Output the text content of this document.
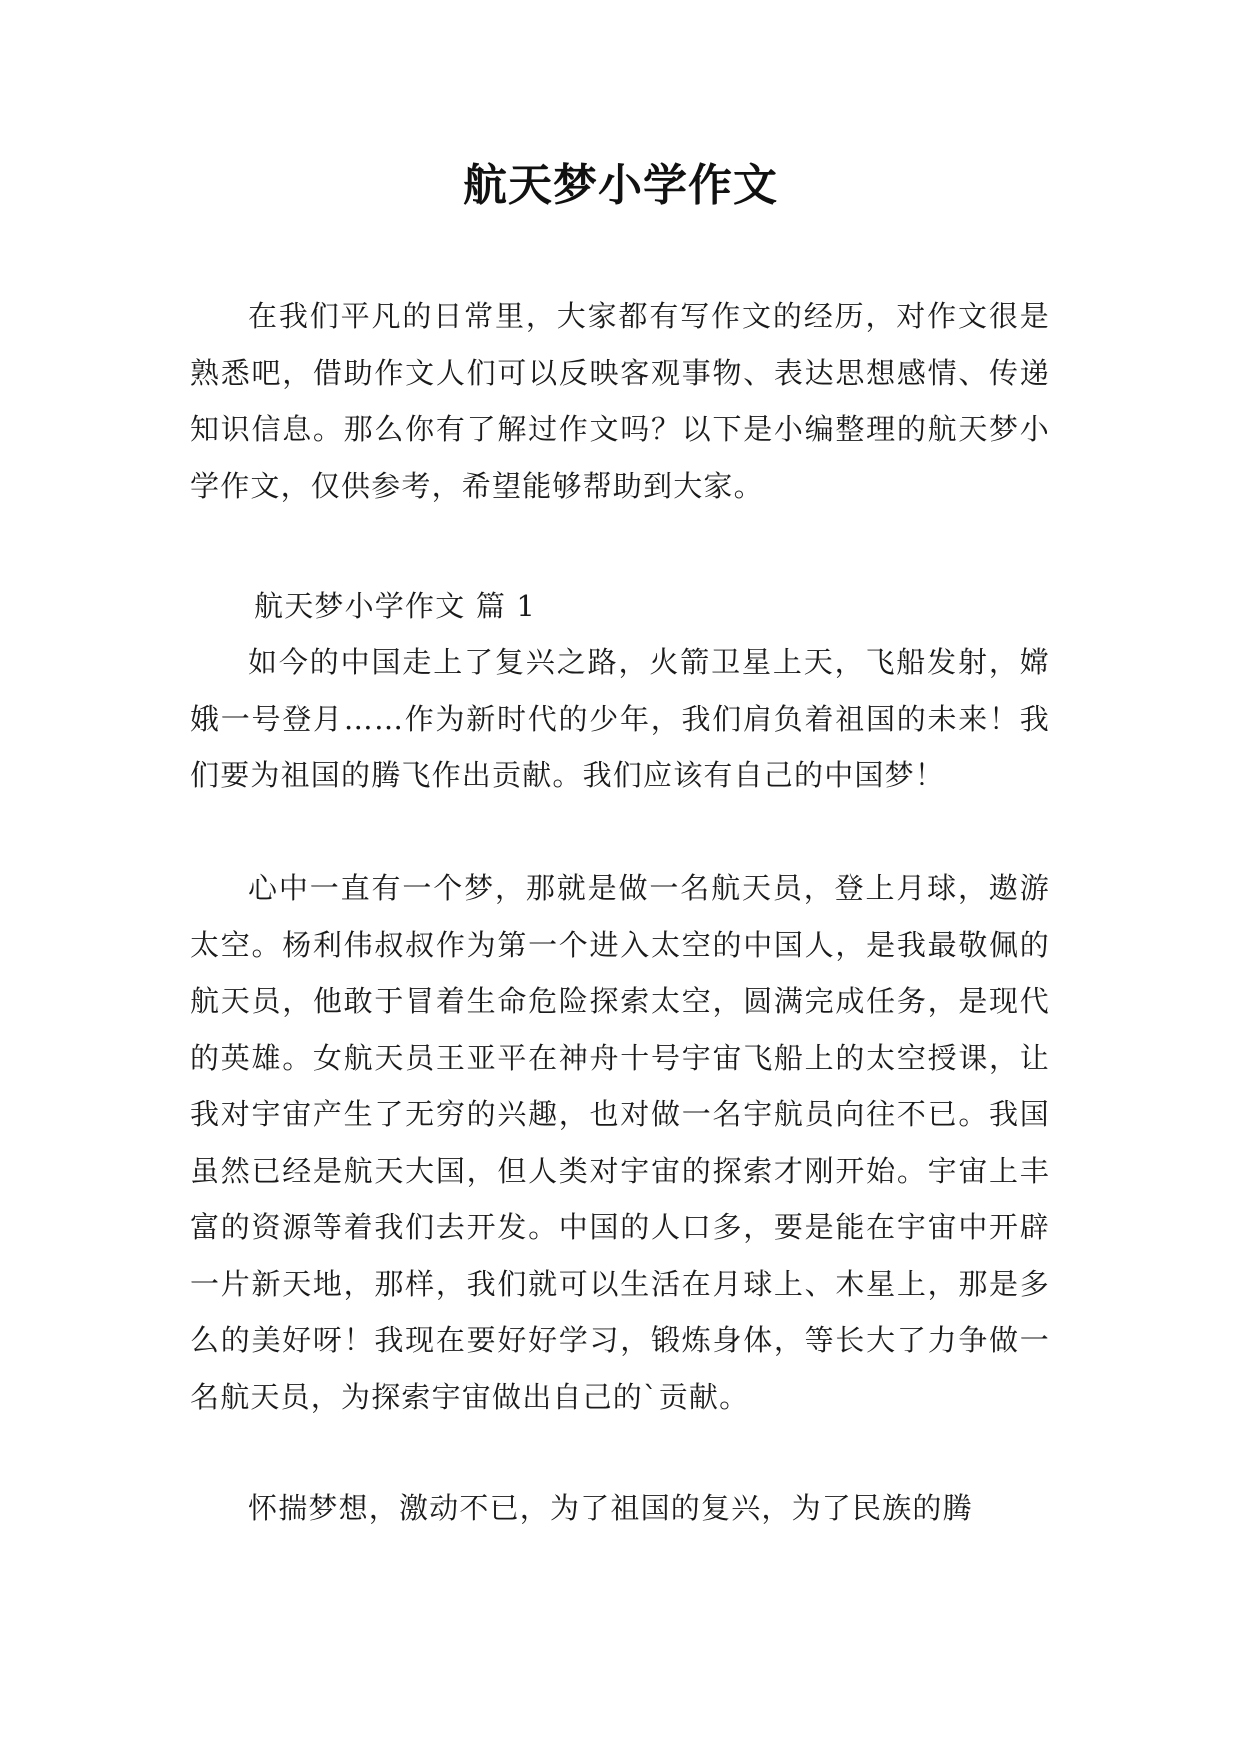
航天梦小学作文

在我们平凡的日常里，大家都有写作文的经历，对作文很是熟悉吧，借助作文人们可以反映客观事物、表达思想感情、传递知识信息。那么你有了解过作文吗？以下是小编整理的航天梦小学作文，仅供参考，希望能够帮助到大家。

航天梦小学作文 篇 1

如今的中国走上了复兴之路，火箭卫星上天，飞船发射，嫦娥一号登月……作为新时代的少年，我们肩负着祖国的未来！我们要为祖国的腾飞作出贡献。我们应该有自己的中国梦！

心中一直有一个梦，那就是做一名航天员，登上月球，遨游太空。杨利伟叔叔作为第一个进入太空的中国人，是我最敬佩的航天员，他敢于冒着生命危险探索太空，圆满完成任务，是现代的英雄。女航天员王亚平在神舟十号宇宙飞船上的太空授课，让我对宇宙产生了无穷的兴趣，也对做一名宇航员向往不已。我国虽然已经是航天大国，但人类对宇宙的探索才刚开始。宇宙上丰富的资源等着我们去开发。中国的人口多，要是能在宇宙中开辟一片新天地，那样，我们就可以生活在月球上、木星上，那是多么的美好呀！我现在要好好学习，锻炼身体，等长大了力争做一名航天员，为探索宇宙做出自己的`贡献。

怀揣梦想，激动不已，为了祖国的复兴，为了民族的腾
